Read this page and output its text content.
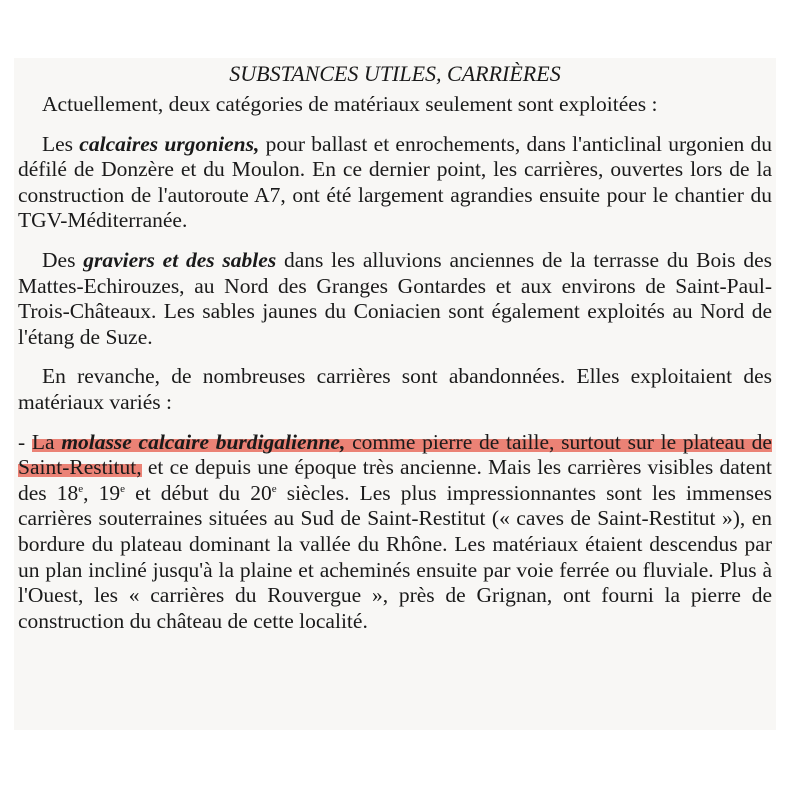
SUBSTANCES UTILES, CARRIÈRES

Actuellement, deux catégories de matériaux seulement sont exploitées :

Les calcaires urgoniens, pour ballast et enrochements, dans l'anticlinal urgonien du défilé de Donzère et du Moulon. En ce dernier point, les carrières, ouvertes lors de la construction de l'autoroute A7, ont été largement agrandies ensuite pour le chantier du TGV-Méditerranée.

Des graviers et des sables dans les alluvions anciennes de la terrasse du Bois des Mattes-Echirouzes, au Nord des Granges Gontardes et aux environs de Saint-Paul-Trois-Châteaux. Les sables jaunes du Coniacien sont également exploités au Nord de l'étang de Suze.

En revanche, de nombreuses carrières sont abandonnées. Elles exploitaient des matériaux variés :

- La molasse calcaire burdigalienne, comme pierre de taille, surtout sur le plateau de Saint-Restitut, et ce depuis une époque très ancienne. Mais les carrières visibles datent des 18e, 19e et début du 20e siècles. Les plus impressionnantes sont les immenses carrières souterraines situées au Sud de Saint-Restitut (« caves de Saint-Restitut »), en bordure du plateau dominant la vallée du Rhône. Les matériaux étaient descendus par un plan incliné jusqu'à la plaine et acheminés ensuite par voie ferrée ou fluviale. Plus à l'Ouest, les « carrières du Rouvergue », près de Grignan, ont fourni la pierre de construction du château de cette localité.
